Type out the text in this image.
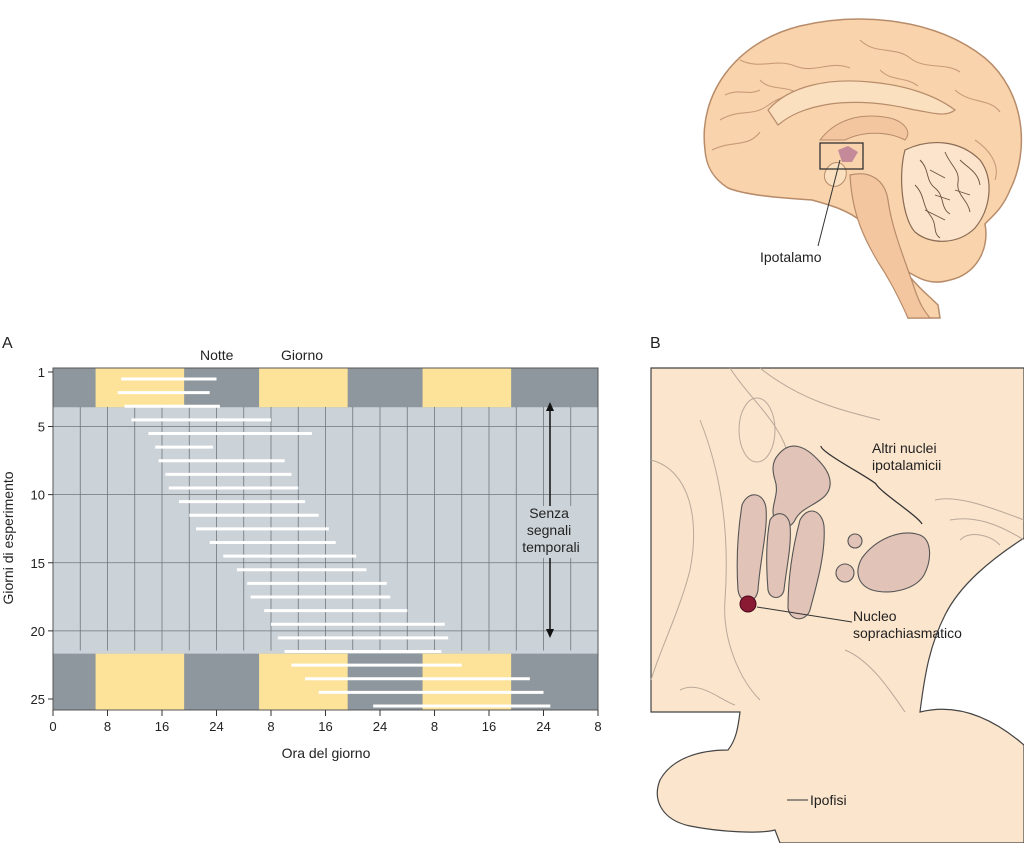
Ipotalamo
A
Notte	Giorno
1
5
10
15
20
25
0	8	16	24	8	16	24	8	16	24	8
Senza segnali temporali
Giorni di esperimento
Ora del giorno
B
Altri nuclei ipotalamicii
Nucleo soprachiasmatico
Ipofisi
